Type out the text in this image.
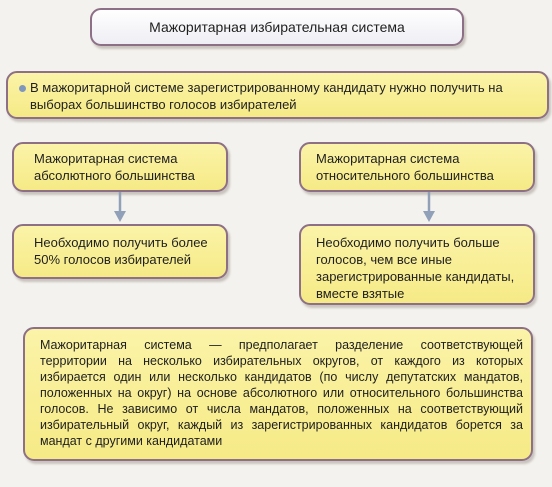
Мажоритарная избирательная система
В мажоритарной системе зарегистрированному кандидату нужно получить на выборах большинство голосов избирателей
Мажоритарная система абсолютного большинства
Мажоритарная система относительного большинства
Необходимо получить более 50% голосов избирателей
Необходимо получить больше голосов, чем все иные зарегистрированные кандидаты, вместе взятые
Мажоритарная система — предполагает разделение соответствующей территории на несколько избирательных округов, от каждого из которых избирается один или несколько кандидатов (по числу депутатских мандатов, положенных на округ) на основе абсолютного или относительного большинства голосов. Не зависимо от числа мандатов, положенных на соответствующий избирательный округ, каждый из зарегистрированных кандидатов борется за мандат с другими кандидатами
